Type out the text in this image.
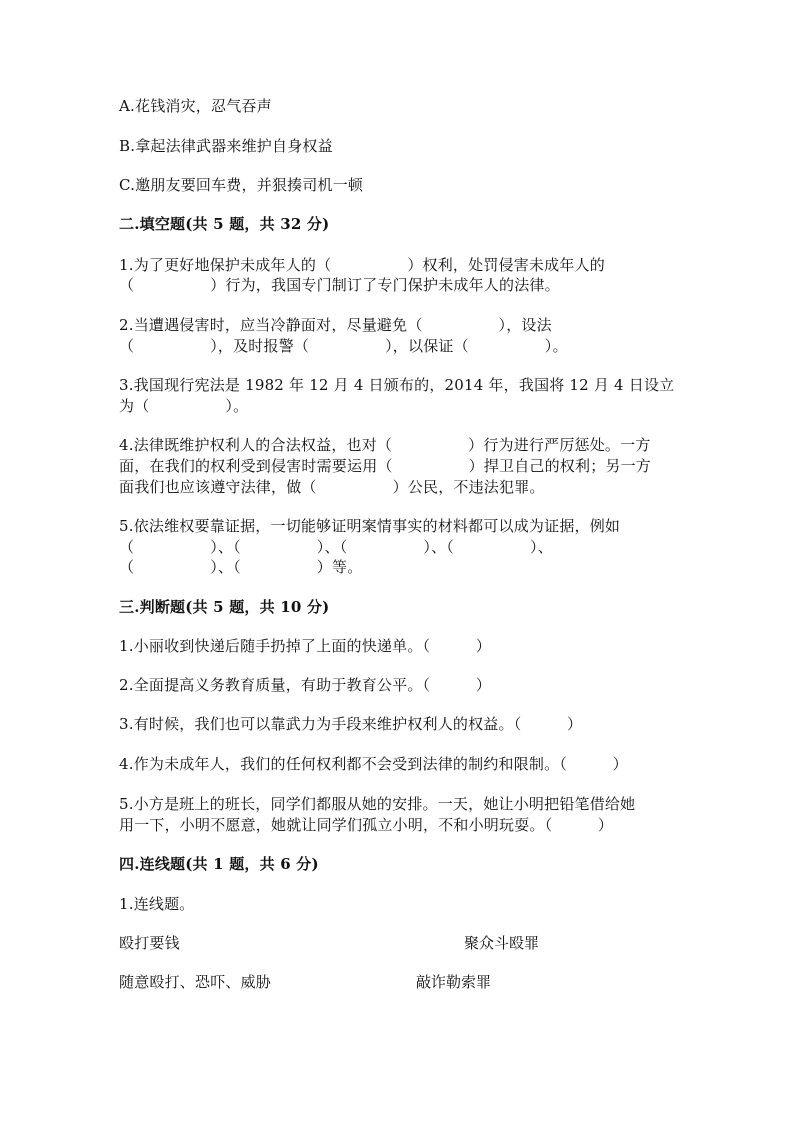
A.花钱消灾，忍气吞声
B.拿起法律武器来维护自身权益
C.邀朋友要回车费，并狠揍司机一顿
二.填空题(共 5 题，共 32 分)
1.为了更好地保护未成年人的（　　　　　）权利，处罚侵害未成年人的
（　　　　　）行为，我国专门制订了专门保护未成年人的法律。
2.当遭遇侵害时，应当冷静面对，尽量避免（　　　　　），设法
（　　　　　），及时报警（　　　　　），以保证（　　　　　）。
3.我国现行宪法是 1982 年 12 月 4 日颁布的，2014 年，我国将 12 月 4 日设立
为（　　　　　）。
4.法律既维护权利人的合法权益，也对（　　　　　）行为进行严厉惩处。一方
面，在我们的权利受到侵害时需要运用（　　　　　）捍卫自己的权利；另一方
面我们也应该遵守法律，做（　　　　　）公民，不违法犯罪。
5.依法维权要靠证据，一切能够证明案情事实的材料都可以成为证据，例如
（　　　　　）、（　　　　　）、（　　　　　）、（　　　　　）、
（　　　　　）、（　　　　　）等。
三.判断题(共 5 题，共 10 分)
1.小丽收到快递后随手扔掉了上面的快递单。（　　　）
2.全面提高义务教育质量，有助于教育公平。（　　　）
3.有时候，我们也可以靠武力为手段来维护权利人的权益。（　　　）
4.作为未成年人，我们的任何权利都不会受到法律的制约和限制。（　　　）
5.小方是班上的班长，同学们都服从她的安排。一天，她让小明把铅笔借给她
用一下，小明不愿意，她就让同学们孤立小明，不和小明玩耍。（　　　）
四.连线题(共 1 题，共 6 分)
1.连线题。
殴打要钱	聚众斗殴罪
随意殴打、恐吓、威胁	敲诈勒索罪
